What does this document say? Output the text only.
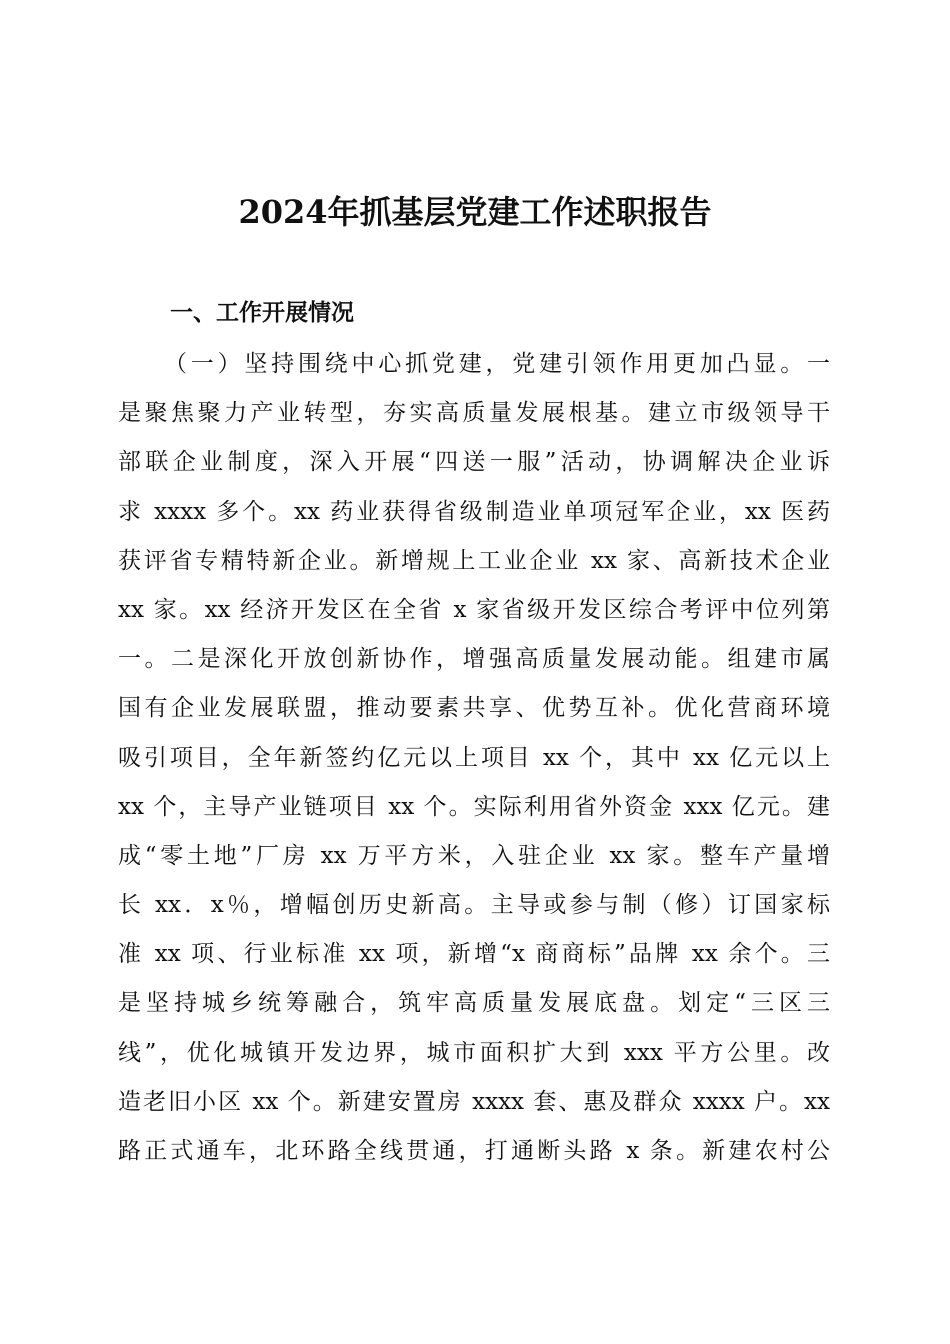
2024年抓基层党建工作述职报告
一、工作开展情况
（一）坚持围绕中心抓党建，党建引领作用更加凸显。一
是聚焦聚力产业转型，夯实高质量发展根基。建立市级领导干
部联企业制度，深入开展“四送一服”活动，协调解决企业诉
求 xxxx 多个。xx 药业获得省级制造业单项冠军企业，xx 医药
获评省专精特新企业。新增规上工业企业 xx 家、高新技术企业
xx 家。xx 经济开发区在全省 x 家省级开发区综合考评中位列第
一。二是深化开放创新协作，增强高质量发展动能。组建市属
国有企业发展联盟，推动要素共享、优势互补。优化营商环境
吸引项目，全年新签约亿元以上项目 xx 个，其中 xx 亿元以上
xx 个，主导产业链项目 xx 个。实际利用省外资金 xxx 亿元。建
成“零土地”厂房 xx 万平方米，入驻企业 xx 家。整车产量增
长 xx．x％，增幅创历史新高。主导或参与制（修）订国家标
准 xx 项、行业标准 xx 项，新增“x 商商标”品牌 xx 余个。三
是坚持城乡统筹融合，筑牢高质量发展底盘。划定“三区三
线”，优化城镇开发边界，城市面积扩大到 xxx 平方公里。改
造老旧小区 xx 个。新建安置房 xxxx 套、惠及群众 xxxx 户。xx
路正式通车，北环路全线贯通，打通断头路 x 条。新建农村公
